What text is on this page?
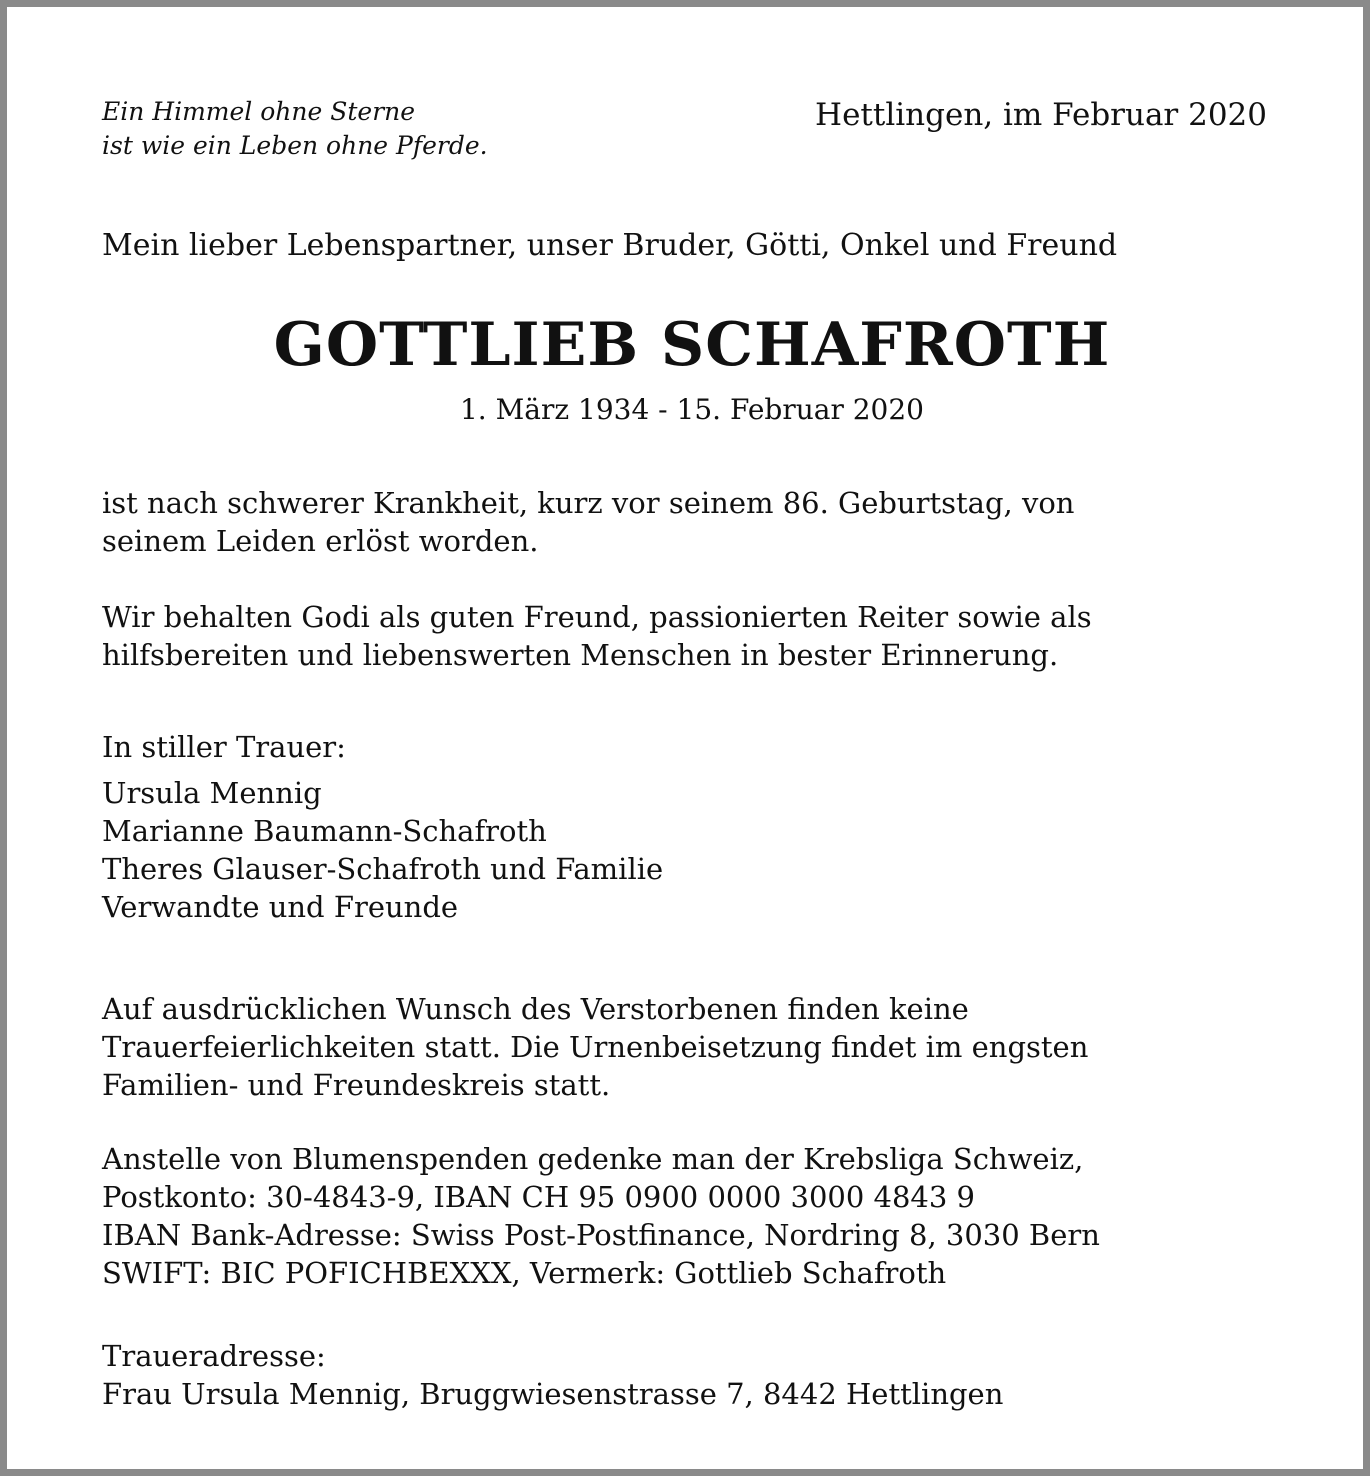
Ein Himmel ohne Sterne
ist wie ein Leben ohne Pferde.
Hettlingen, im Februar 2020
Mein lieber Lebenspartner, unser Bruder, Götti, Onkel und Freund
GOTTLIEB SCHAFROTH
1. März 1934 - 15. Februar 2020
ist nach schwerer Krankheit, kurz vor seinem 86. Geburtstag, von
seinem Leiden erlöst worden.
Wir behalten Godi als guten Freund, passionierten Reiter sowie als
hilfsbereiten und liebenswerten Menschen in bester Erinnerung.
In stiller Trauer:
Ursula Mennig
Marianne Baumann-Schafroth
Theres Glauser-Schafroth und Familie
Verwandte und Freunde
Auf ausdrücklichen Wunsch des Verstorbenen finden keine
Trauerfeierlichkeiten statt. Die Urnenbeisetzung findet im engsten
Familien- und Freundeskreis statt.
Anstelle von Blumenspenden gedenke man der Krebsliga Schweiz,
Postkonto: 30-4843-9, IBAN CH 95 0900 0000 3000 4843 9
IBAN Bank-Adresse: Swiss Post-Postfinance, Nordring 8, 3030 Bern
SWIFT: BIC POFICHBEXXX, Vermerk: Gottlieb Schafroth
Traueradresse:
Frau Ursula Mennig, Bruggwiesenstrasse 7, 8442 Hettlingen
